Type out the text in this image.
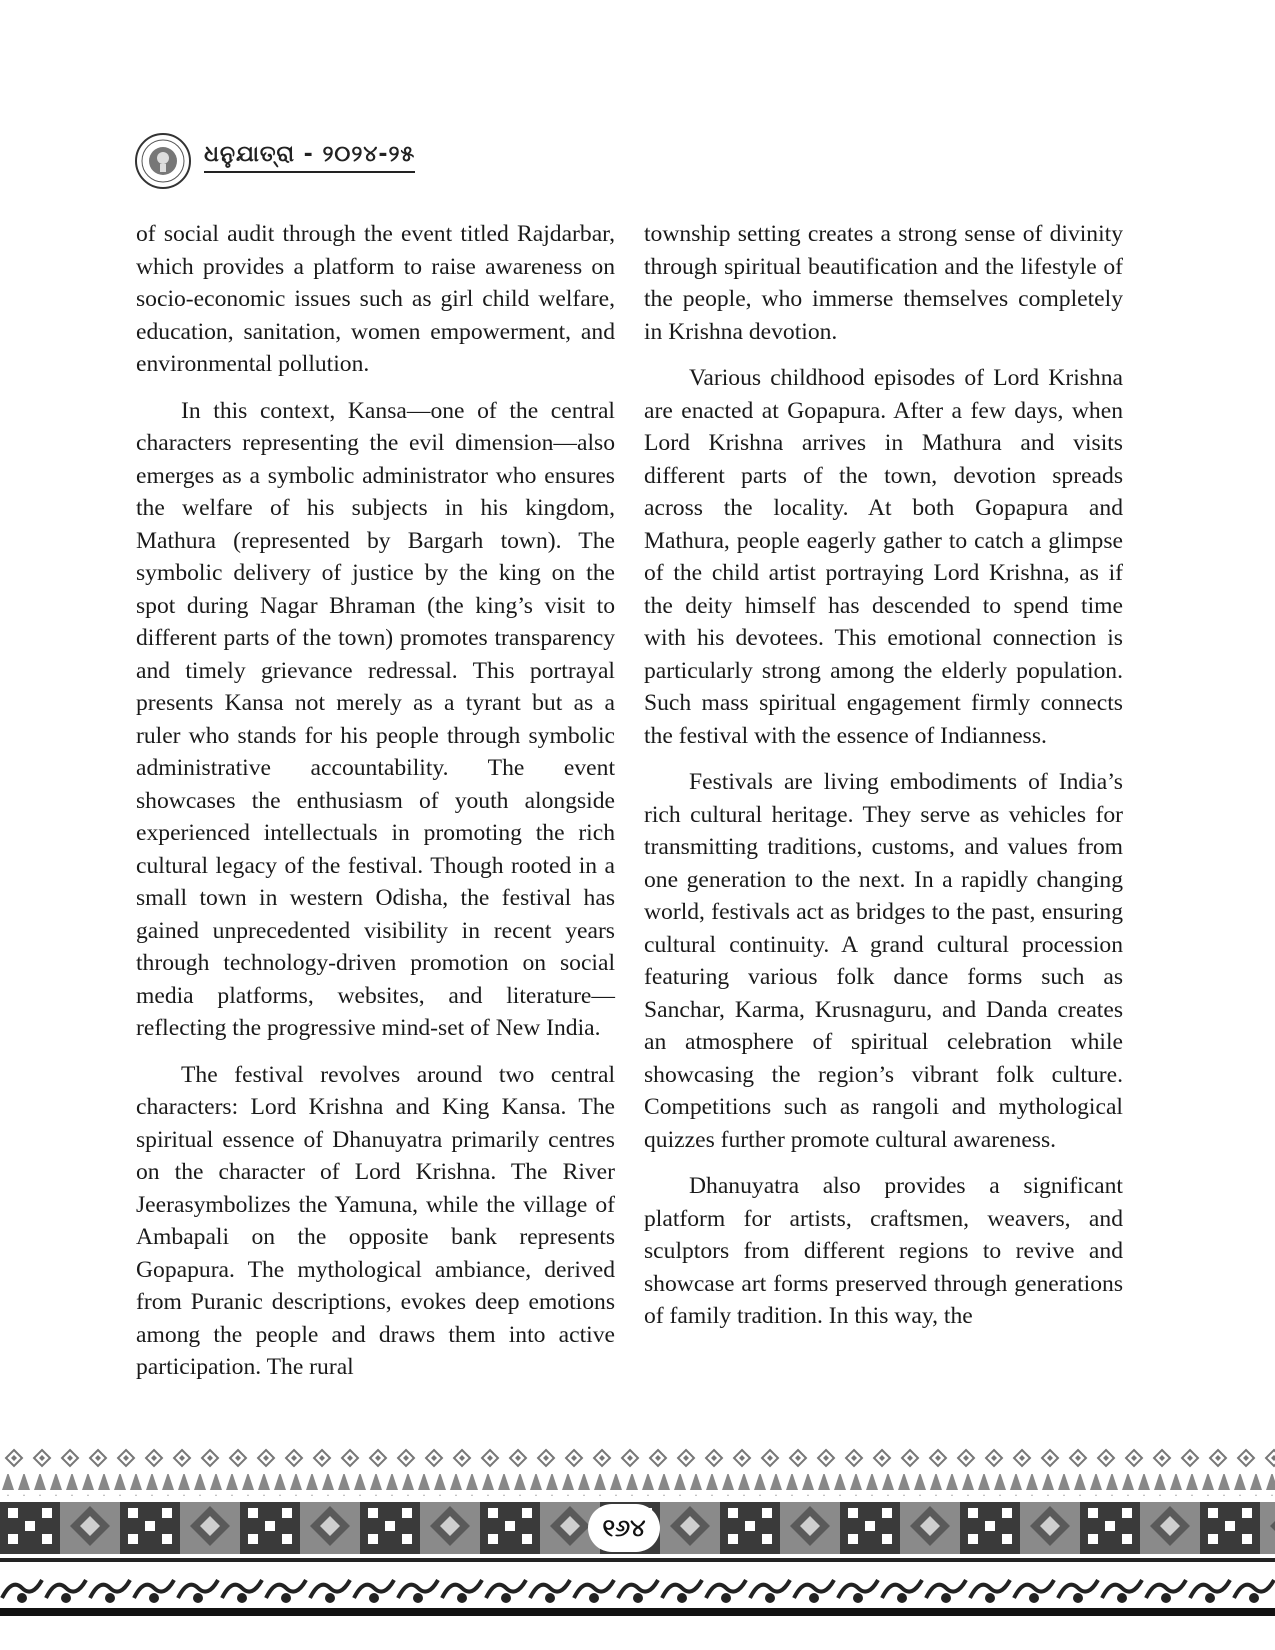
ଧନୁଯାତ୍ରା - ୨୦୨୪-୨୫

of social audit through the event titled Rajdarbar, which provides a platform to raise awareness on socio-economic issues such as girl child welfare, education, sanitation, women empowerment, and environmental pollution.

In this context, Kansa—one of the central characters representing the evil dimension—also emerges as a symbolic administrator who ensures the welfare of his subjects in his kingdom, Mathura (represented by Bargarh town). The symbolic delivery of justice by the king on the spot during Nagar Bhraman (the king’s visit to different parts of the town) promotes transparency and timely grievance redressal. This portrayal presents Kansa not merely as a tyrant but as a ruler who stands for his people through symbolic administrative accountability. The event showcases the enthusiasm of youth alongside experienced intellectuals in promoting the rich cultural legacy of the festival. Though rooted in a small town in western Odisha, the festival has gained unprecedented visibility in recent years through technology-driven promotion on social media platforms, websites, and literature—reflecting the progressive mind-set of New India.

The festival revolves around two central characters: Lord Krishna and King Kansa. The spiritual essence of Dhanuyatra primarily centres on the character of Lord Krishna. The River Jeerasymbolizes the Yamuna, while the village of Ambapali on the opposite bank represents Gopapura. The mythological ambiance, derived from Puranic descriptions, evokes deep emotions among the people and draws them into active participation. The rural

township setting creates a strong sense of divinity through spiritual beautification and the lifestyle of the people, who immerse themselves completely in Krishna devotion.

Various childhood episodes of Lord Krishna are enacted at Gopapura. After a few days, when Lord Krishna arrives in Mathura and visits different parts of the town, devotion spreads across the locality. At both Gopapura and Mathura, people eagerly gather to catch a glimpse of the child artist portraying Lord Krishna, as if the deity himself has descended to spend time with his devotees. This emotional connection is particularly strong among the elderly population. Such mass spiritual engagement firmly connects the festival with the essence of Indianness.

Festivals are living embodiments of India’s rich cultural heritage. They serve as vehicles for transmitting traditions, customs, and values from one generation to the next. In a rapidly changing world, festivals act as bridges to the past, ensuring cultural continuity. A grand cultural procession featuring various folk dance forms such as Sanchar, Karma, Krusnaguru, and Danda creates an atmosphere of spiritual celebration while showcasing the region’s vibrant folk culture. Competitions such as rangoli and mythological quizzes further promote cultural awareness.

Dhanuyatra also provides a significant platform for artists, craftsmen, weavers, and sculptors from different regions to revive and showcase art forms preserved through generations of family tradition. In this way, the

୧୬୪
